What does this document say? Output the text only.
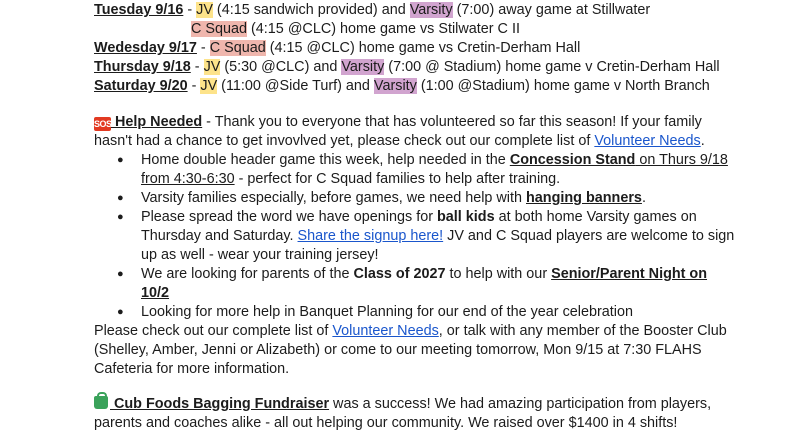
Tuesday 9/16 - JV (4:15 sandwich provided) and Varsity (7:00) away game at Stillwater
C Squad (4:15 @CLC) home game vs Stilwater C II
Wedesday 9/17 - C Squad (4:15 @CLC) home game vs Cretin-Derham Hall
Thursday 9/18 - JV (5:30 @CLC) and Varsity (7:00 @ Stadium) home game v Cretin-Derham Hall
Saturday 9/20 - JV (11:00 @Side Turf) and Varsity (1:00 @Stadium) home game v North Branch
SOS Help Needed - Thank you to everyone that has volunteered so far this season! If your family
hasn't had a chance to get invovlved yet, please check out our complete list of Volunteer Needs.
● Home double header game this week, help needed in the Concession Stand on Thurs 9/18
from 4:30-6:30 - perfect for C Squad families to help after training.
● Varsity families especially, before games, we need help with hanging banners.
● Please spread the word we have openings for ball kids at both home Varsity games on
Thursday and Saturday. Share the signup here! JV and C Squad players are welcome to sign
up as well - wear your training jersey!
● We are looking for parents of the Class of 2027 to help with our Senior/Parent Night on
10/2
● Looking for more help in Banquet Planning for our end of the year celebration
Please check out our complete list of Volunteer Needs, or talk with any member of the Booster Club
(Shelley, Amber, Jenni or Alizabeth) or come to our meeting tomorrow, Mon 9/15 at 7:30 FLAHS
Cafeteria for more information.
Cub Foods Bagging Fundraiser was a success! We had amazing participation from players,
parents and coaches alike - all out helping our community. We raised over $1400 in 4 shifts!
